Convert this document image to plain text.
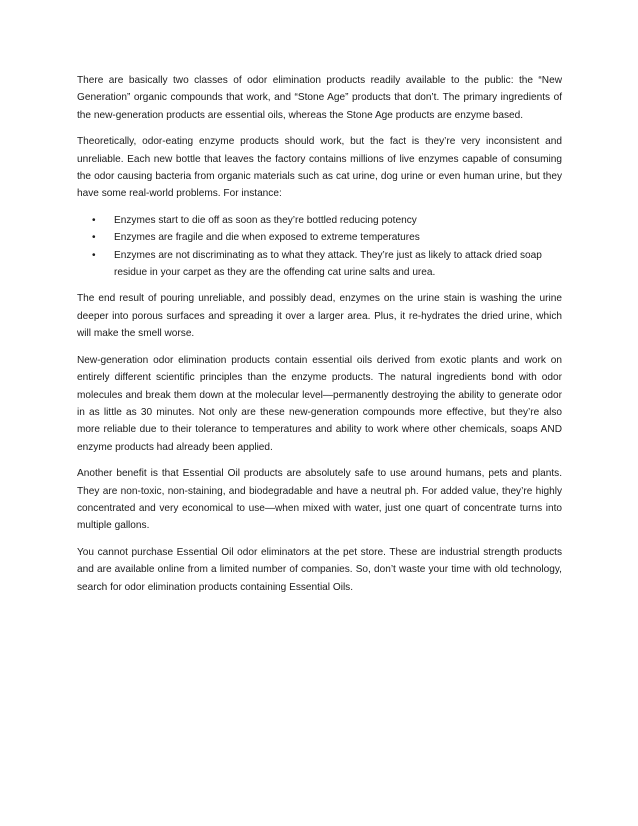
There are basically two classes of odor elimination products readily available to the public: the “New Generation” organic compounds that work, and “Stone Age” products that don’t. The primary ingredients of the new-generation products are essential oils, whereas the Stone Age products are enzyme based.

Theoretically, odor-eating enzyme products should work, but the fact is they’re very inconsistent and unreliable. Each new bottle that leaves the factory contains millions of live enzymes capable of consuming the odor causing bacteria from organic materials such as cat urine, dog urine or even human urine, but they have some real-world problems. For instance:

• Enzymes start to die off as soon as they’re bottled reducing potency
• Enzymes are fragile and die when exposed to extreme temperatures
• Enzymes are not discriminating as to what they attack. They’re just as likely to attack dried soap residue in your carpet as they are the offending cat urine salts and urea.

The end result of pouring unreliable, and possibly dead, enzymes on the urine stain is washing the urine deeper into porous surfaces and spreading it over a larger area. Plus, it re-hydrates the dried urine, which will make the smell worse.

New-generation odor elimination products contain essential oils derived from exotic plants and work on entirely different scientific principles than the enzyme products. The natural ingredients bond with odor molecules and break them down at the molecular level—permanently destroying the ability to generate odor in as little as 30 minutes. Not only are these new-generation compounds more effective, but they’re also more reliable due to their tolerance to temperatures and ability to work where other chemicals, soaps AND enzyme products had already been applied.

Another benefit is that Essential Oil products are absolutely safe to use around humans, pets and plants. They are non-toxic, non-staining, and biodegradable and have a neutral ph. For added value, they’re highly concentrated and very economical to use—when mixed with water, just one quart of concentrate turns into multiple gallons.

You cannot purchase Essential Oil odor eliminators at the pet store. These are industrial strength products and are available online from a limited number of companies. So, don’t waste your time with old technology, search for odor elimination products containing Essential Oils.
